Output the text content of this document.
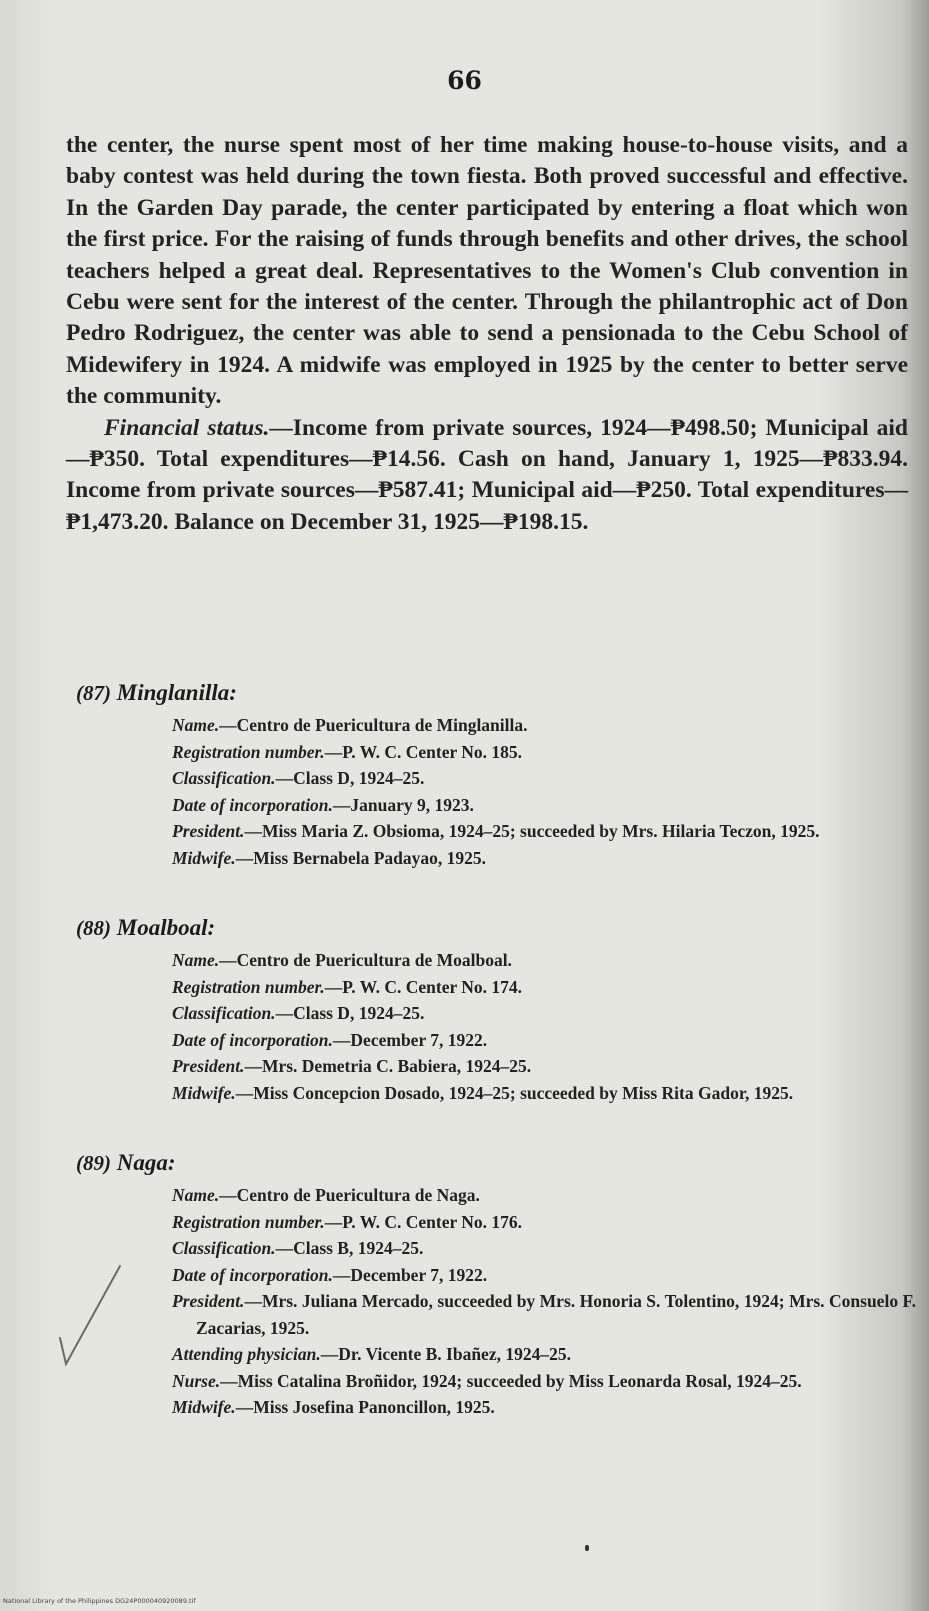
66

the center, the nurse spent most of her time making house-to-house visits, and a baby contest was held during the town fiesta. Both proved successful and effective. In the Garden Day parade, the center participated by entering a float which won the first price. For the raising of funds through benefits and other drives, the school teachers helped a great deal. Representatives to the Women's Club convention in Cebu were sent for the interest of the center. Through the philantrophic act of Don Pedro Rodriguez, the center was able to send a pensionada to the Cebu School of Midewifery in 1924. A midwife was employed in 1925 by the center to better serve the community.

Financial status.—Income from private sources, 1924—₱498.50; Municipal aid—₱350. Total expenditures—₱14.56. Cash on hand, January 1, 1925—₱833.94. Income from private sources—₱587.41; Municipal aid—₱250. Total expenditures—₱1,473.20. Balance on December 31, 1925—₱198.15.

(87) Minglanilla:
Name.—Centro de Puericultura de Minglanilla.
Registration number.—P. W. C. Center No. 185.
Classification.—Class D, 1924–25.
Date of incorporation.—January 9, 1923.
President.—Miss Maria Z. Obsioma, 1924–25; succeeded by Mrs. Hilaria Teczon, 1925.
Midwife.—Miss Bernabela Padayao, 1925.
(88) Moalboal:
Name.—Centro de Puericultura de Moalboal.
Registration number.—P. W. C. Center No. 174.
Classification.—Class D, 1924–25.
Date of incorporation.—December 7, 1922.
President.—Mrs. Demetria C. Babiera, 1924–25.
Midwife.—Miss Concepcion Dosado, 1924–25; succeeded by Miss Rita Gador, 1925.
(89) Naga:
Name.—Centro de Puericultura de Naga.
Registration number.—P. W. C. Center No. 176.
Classification.—Class B, 1924–25.
Date of incorporation.—December 7, 1922.
President.—Mrs. Juliana Mercado, succeeded by Mrs. Honoria S. Tolentino, 1924; Mrs. Consuelo F. Zacarias, 1925.
Attending physician.—Dr. Vicente B. Ibañez, 1924–25.
Nurse.—Miss Catalina Broñidor, 1924; succeeded by Miss Leonarda Rosal, 1924–25.
Midwife.—Miss Josefina Panoncillon, 1925.
National Library of the Philippines DG24P000040920089.tif
